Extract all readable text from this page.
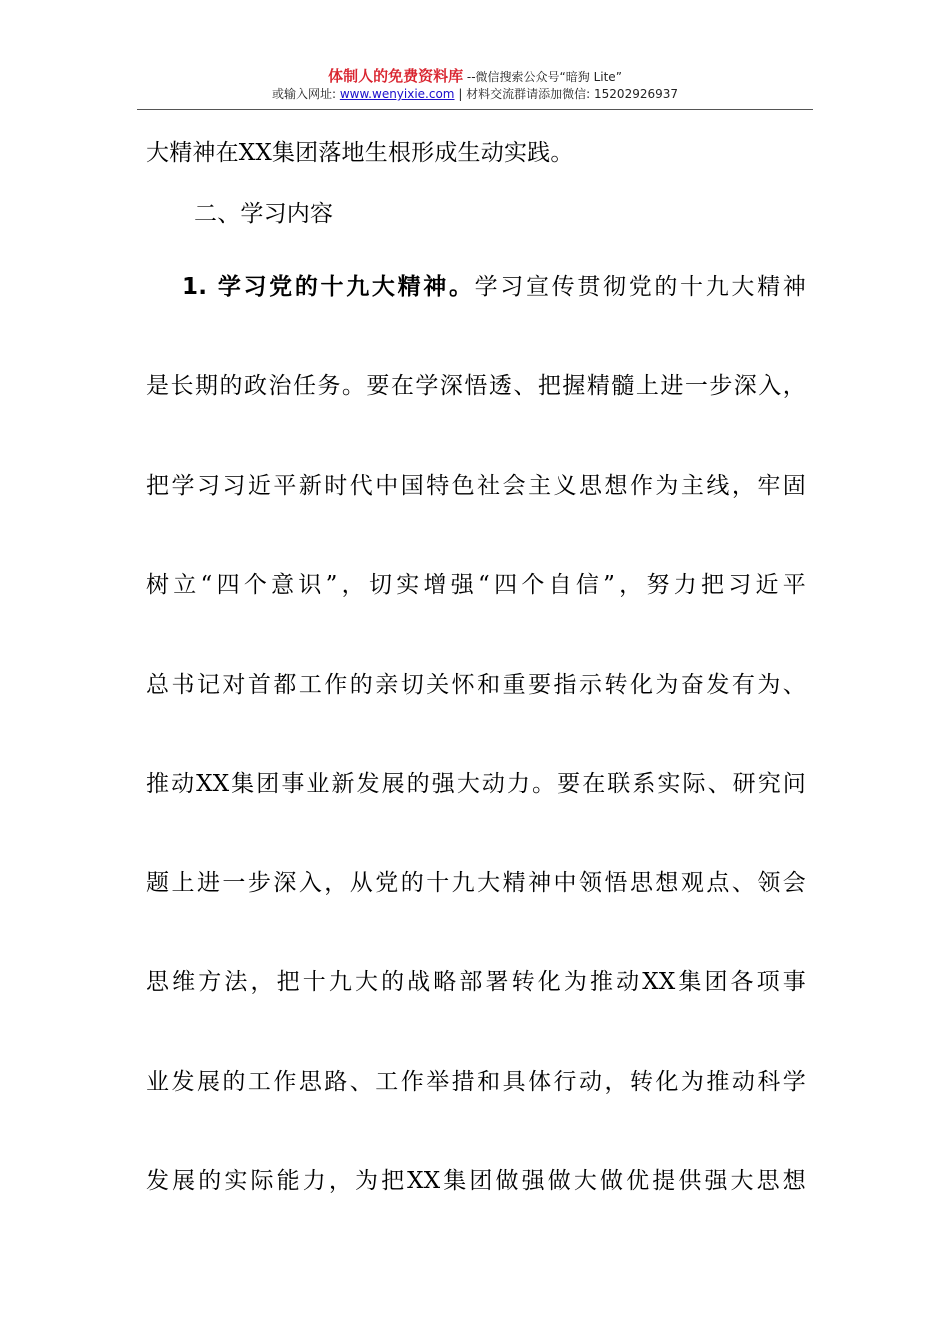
体制人的免费资料库 --微信搜索公众号“暗狗 Lite”
或输入网址: www.wenyixie.com | 材料交流群请添加微信: 15202926937
大精神在XX集团落地生根形成生动实践。
二、学习内容
1. 学习党的十九大精神。学习宣传贯彻党的十九大精神
是长期的政治任务。要在学深悟透、把握精髓上进一步深入，
把学习习近平新时代中国特色社会主义思想作为主线，牢固
树立“四个意识”，切实增强“四个自信”，努力把习近平
总书记对首都工作的亲切关怀和重要指示转化为奋发有为、
推动XX集团事业新发展的强大动力。要在联系实际、研究问
题上进一步深入，从党的十九大精神中领悟思想观点、领会
思维方法，把十九大的战略部署转化为推动XX集团各项事
业发展的工作思路、工作举措和具体行动，转化为推动科学
发展的实际能力，为把XX集团做强做大做优提供强大思想
